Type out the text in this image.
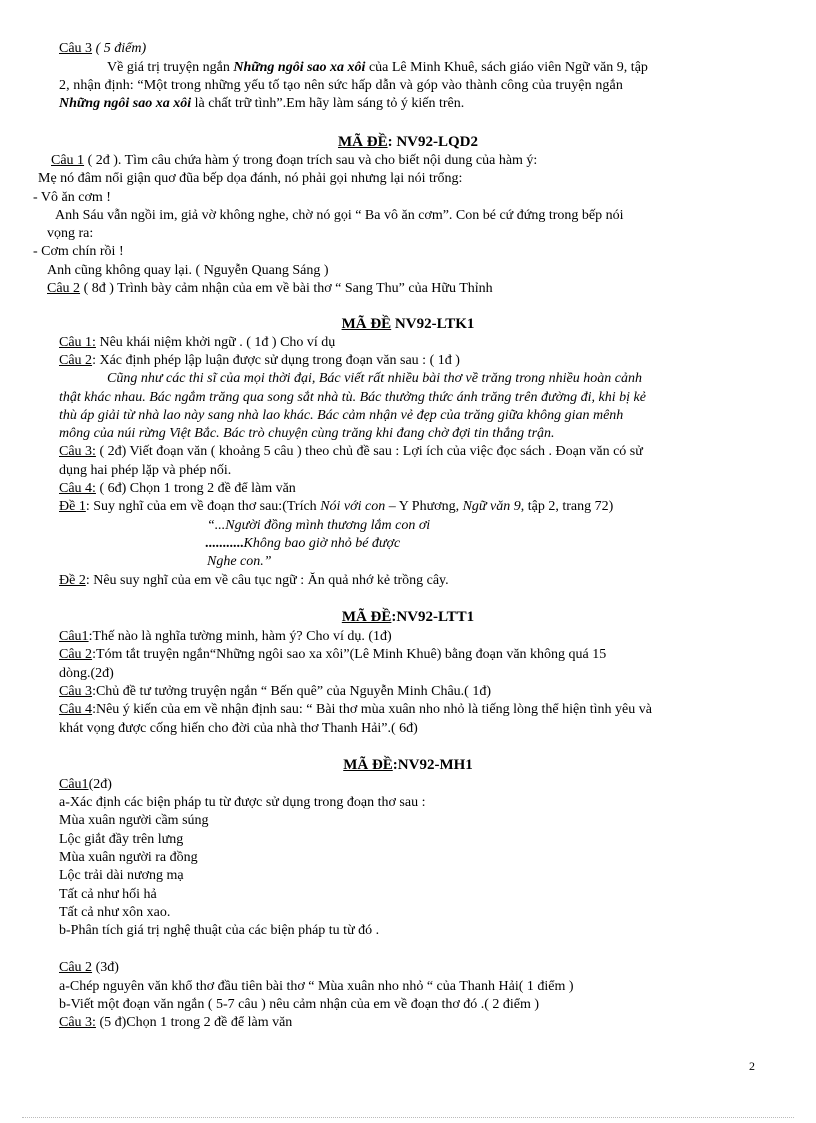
Câu 3 ( 5 điểm)
Về giá trị truyện ngắn Những ngôi sao xa xôi của Lê Minh Khuê, sách giáo viên Ngữ văn 9, tập
2, nhận định: “Một trong những yếu tố tạo nên sức hấp dẫn và góp vào thành công của truyện ngắn
Những ngôi sao xa xôi là chất trữ tình”.Em hãy làm sáng tỏ ý kiến trên.
MÃ ĐỀ: NV92-LQD2
Câu 1 ( 2đ ). Tìm câu chứa hàm ý trong đoạn trích sau và cho biết nội dung của hàm ý:
Mẹ nó đâm nổi giận quơ đũa bếp dọa đánh, nó phải gọi nhưng lại nói trổng:
- Vô ăn cơm !
Anh Sáu vẫn ngồi im, giả vờ không nghe, chờ nó gọi “ Ba vô ăn cơm”. Con bé cứ đứng trong bếp nói
vọng ra:
- Cơm chín rồi !
Anh cũng không quay lại. ( Nguyễn Quang Sáng )
Câu 2 ( 8đ ) Trình bày cảm nhận của em về bài thơ “ Sang Thu” của Hữu Thỉnh
MÃ ĐỀ NV92-LTK1
Câu 1: Nêu khái niệm khởi ngữ . ( 1đ ) Cho ví dụ
Câu 2: Xác định phép lập luận được sử dụng trong đoạn văn sau : ( 1đ )
Cũng như các thi sĩ của mọi thời đại, Bác viết rất nhiều bài thơ về trăng trong nhiều hoàn cảnh
thật khác nhau. Bác ngắm trăng qua song sắt nhà tù. Bác thưởng thức ánh trăng trên đường đi, khi bị kẻ
thù áp giải từ nhà lao này sang nhà lao khác. Bác cảm nhận vẻ đẹp của trăng giữa không gian mênh
mông của núi rừng Việt Bắc. Bác trò chuyện cùng trăng khi đang chờ đợi tin thắng trận.
Câu 3: ( 2đ) Viết đoạn văn ( khoảng 5 câu ) theo chủ đề sau : Lợi ích của việc đọc sách . Đoạn văn có sử
dụng hai phép lặp và phép nối.
Câu 4: ( 6đ) Chọn 1 trong 2 đề để làm văn
Đề 1: Suy nghĩ của em về đoạn thơ sau:(Trích Nói với con – Y Phương, Ngữ văn 9, tập 2, trang 72)
“...Người đồng mình thương lắm con ơi
...........Không bao giờ nhỏ bé được
Nghe con.”
Đề 2: Nêu suy nghĩ của em về câu tục ngữ : Ăn quả nhớ kẻ trồng cây.
MÃ ĐỀ:NV92-LTT1
Câu1:Thế nào là nghĩa tường minh, hàm ý? Cho ví dụ. (1đ)
Câu 2:Tóm tắt truyện ngắn“Những ngôi sao xa xôi”(Lê Minh Khuê) bằng đoạn văn không quá 15
dòng.(2đ)
Câu 3:Chủ đề tư tưởng truyện ngắn “ Bến quê” của Nguyễn Minh Châu.( 1đ)
Câu 4:Nêu ý kiến của em về nhận định sau: “ Bài thơ mùa xuân nho nhỏ là tiếng lòng thể hiện tình yêu và
khát vọng được cống hiến cho đời của nhà thơ Thanh Hải”.( 6đ)
MÃ ĐỀ:NV92-MH1
Câu1(2đ)
a-Xác định các biện pháp tu từ được sử dụng trong đoạn thơ sau :
Mùa xuân người cầm súng
Lộc giắt đầy trên lưng
Mùa xuân người ra đồng
Lộc trải dài nương mạ
Tất cả như hối hả
Tất cả như xôn xao.
b-Phân tích giá trị nghệ thuật của các biện pháp tu từ đó .
Câu 2 (3đ)
a-Chép nguyên văn khổ thơ đầu tiên bài thơ “ Mùa xuân nho nhỏ “ của Thanh Hải( 1 điểm )
b-Viết một đoạn văn ngắn ( 5-7 câu ) nêu cảm nhận của em về đoạn thơ đó .( 2 điểm )
Câu 3: (5 đ)Chọn 1 trong 2 đề để làm văn
2
